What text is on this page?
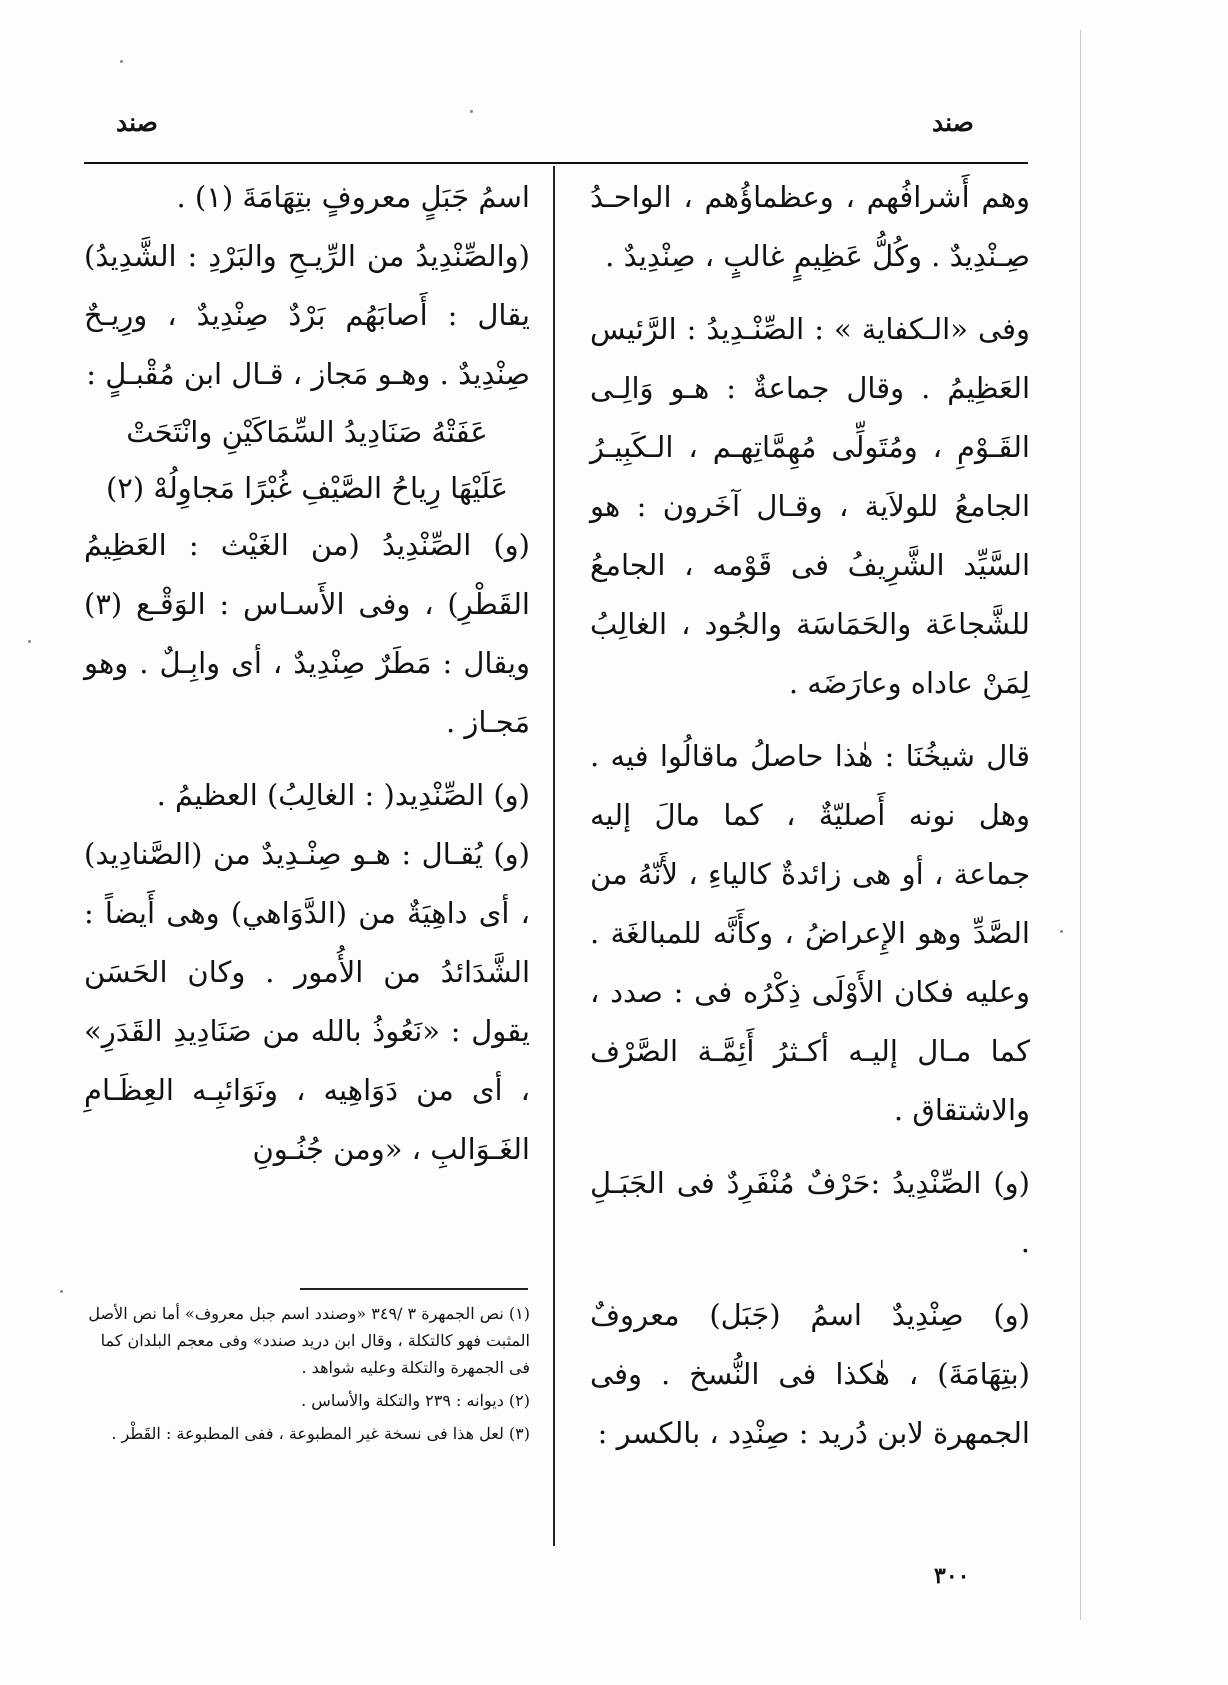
صند	صند

وهم أَشرافُهم ، وعظماؤُهم ، الواحـدُ صِـنْدِيدٌ . وكُلُّ عَظِيمٍ غالبٍ ، صِنْدِيدٌ .

وفى «الـكفاية » : الصِّنْـدِيدُ : الرَّئيس العَظِيمُ . وقال جماعةٌ : هـو وَالِـى القَـوْمِ ، ومُتَولِّى مُهِمَّاتِهـم ، الـكَبِيـرُ الجامعُ للولاَية ، وقـال آخَرون : هو السَّيِّد الشَّرِيفُ فى قَوْمه ، الجامعُ للشَّجاعَة والحَمَاسَة والجُود ، الغالِبُ لِمَنْ عاداه وعارَضَه .

قال شيخُنَا : هٰذا حاصلُ ماقالُوا فيه . وهل نونه أَصليّةٌ ، كما مالَ إليه جماعة ، أو هى زائدةٌ كالياءِ ، لأَنّهُ من الصَّدِّ وهو الإِعراضُ ، وكأَنَّه للمبالغَة . وعليه فكان الأَوْلَى ذِكْرُه فى : صدد ، كما مـال إليـه أكـثرُ أَئِمَّـة الصَّرْف والاشتقاق .

(و) الصِّنْدِيدُ :حَرْفٌ مُنْفَرِدٌ فى الجَبَـلِ .

(و) صِنْدِيدٌ اسمُ (جَبَل) معروفٌ (بتِهَامَةَ) ، هٰكذا فى النُّسخ . وفى الجمهرة لابن دُريد : صِنْدِد ، بالكسر :

اسمُ جَبَلٍ معروفٍ بتِهَامَةَ (١) .

(والصِّنْدِيدُ من الرِّيـحِ والبَرْدِ : الشَّدِيدُ) يقال : أَصابَهُم بَرْدٌ صِنْدِيدٌ ، ورِيـحٌ صِنْدِيدٌ . وهـو مَجاز ، قـال ابن مُقْبـلٍ :

عَفَتْهُ صَنَادِيدُ السِّمَاكَيْنِ وانْتَحَتْ

عَلَيْهَا رِياحُ الصَّيْفِ غُبْرًا مَجاوِلُهْ (٢)

(و) الصِّنْدِيدُ (من الغَيْث : العَظِيمُ القَطْرِ) ، وفى الأَسـاس : الوَقْـع (٣) ويقال : مَطَرٌ صِنْدِيدٌ ، أى وابِـلٌ . وهو مَجـاز .

(و) الصِّنْدِيد( : الغالِبُ) العظيمُ .

(و) يُقـال : هـو صِنْـدِيدٌ من (الصَّنادِيد) ، أى داهِيَةٌ من (الدَّوَاهي) وهى أَيضاً : الشَّدَائدُ من الأُمور . وكان الحَسَن يقول : «نَعُوذُ بالله من صَنَادِيدِ القَدَرِ» ، أى من دَوَاهِيه ، ونَوَائبِـه العِظَـامِ الغَـوَالبِ ، «ومن جُنُـونِ

(١) نص الجمهرة ٣ /٣٤٩ «وصندد اسم جبل معروف» أما نص الأصل المثبت فهو كالتكلة ، وقال ابن دريد صندد» وفى معجم البلدان كما فى الجمهرة والتكلة وعليه شواهد .

(٢) ديوانه : ٢٣٩ والتكلة والأساس .

(٣) لعل هذا فى نسخة غير المطبوعة ، ففى المطبوعة : القَطْر .

٣٠٠
